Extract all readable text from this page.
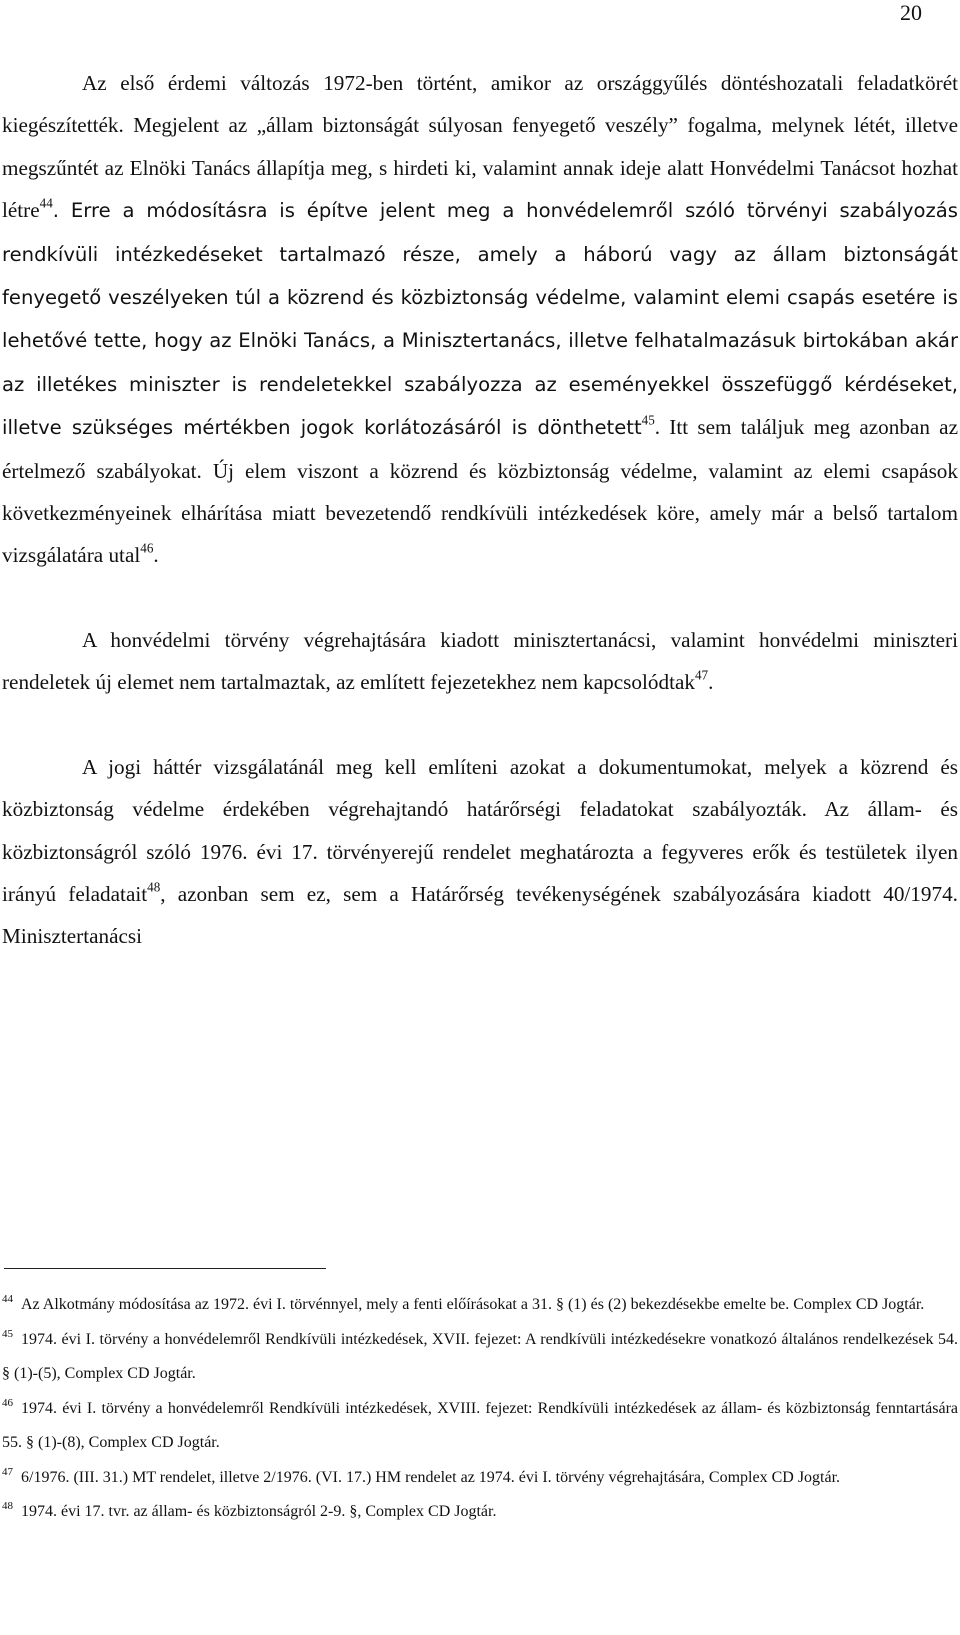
20

Az első érdemi változás 1972-ben történt, amikor az országgyűlés döntéshozatali feladatkörét kiegészítették. Megjelent az „állam biztonságát súlyosan fenyegető veszély” fogalma, melynek létét, illetve megszűntét az Elnöki Tanács állapítja meg, s hirdeti ki, valamint annak ideje alatt Honvédelmi Tanácsot hozhat létre$^{44}$. Erre a módosításra is építve jelent meg a honvédelemről szóló törvényi szabályozás rendkívüli intézkedéseket tartalmazó része, amely a háború vagy az állam biztonságát fenyegető veszélyeken túl a közrend és közbiztonság védelme, valamint elemi csapás esetére is lehetővé tette, hogy az Elnöki Tanács, a Minisztertanács, illetve felhatalmazásuk birtokában akár az illetékes miniszter is rendeletekkel szabályozza az eseményekkel összefüggő kérdéseket, illetve szükséges mértékben jogok korlátozásáról is dönthetett$^{45}$. Itt sem találjuk meg azonban az értelmező szabályokat. Új elem viszont a közrend és közbiztonság védelme, valamint az elemi csapások következményeinek elhárítása miatt bevezetendő rendkívüli intézkedések köre, amely már a belső tartalom vizsgálatára utal$^{46}$.

A honvédelmi törvény végrehajtására kiadott minisztertanácsi, valamint honvédelmi miniszteri rendeletek új elemet nem tartalmaztak, az említett fejezetekhez nem kapcsolódtak$^{47}$.

A jogi háttér vizsgálatánál meg kell említeni azokat a dokumentumokat, melyek a közrend és közbiztonság védelme érdekében végrehajtandó határőrségi feladatokat szabályozták. Az állam- és közbiztonságról szóló 1976. évi 17. törvényerejű rendelet meghatározta a fegyveres erők és testületek ilyen irányú feladatait$^{48}$, azonban sem ez, sem a Határőrség tevékenységének szabályozására kiadott 40/1974. Minisztertanácsi

$^{44}$ Az Alkotmány módosítása az 1972. évi I. törvénnyel, mely a fenti előírásokat a 31. § (1) és (2) bekezdésekbe emelte be. Complex CD Jogtár.

$^{45}$ 1974. évi I. törvény a honvédelemről Rendkívüli intézkedések, XVII. fejezet: A rendkívüli intézkedésekre vonatkozó általános rendelkezések 54. § (1)-(5), Complex CD Jogtár.

$^{46}$ 1974. évi I. törvény a honvédelemről Rendkívüli intézkedések, XVIII. fejezet: Rendkívüli intézkedések az állam- és közbiztonság fenntartására 55. § (1)-(8), Complex CD Jogtár.

$^{47}$ 6/1976. (III. 31.) MT rendelet, illetve 2/1976. (VI. 17.) HM rendelet az 1974. évi I. törvény végrehajtására, Complex CD Jogtár.

$^{48}$ 1974. évi 17. tvr. az állam- és közbiztonságról 2-9. §, Complex CD Jogtár.
